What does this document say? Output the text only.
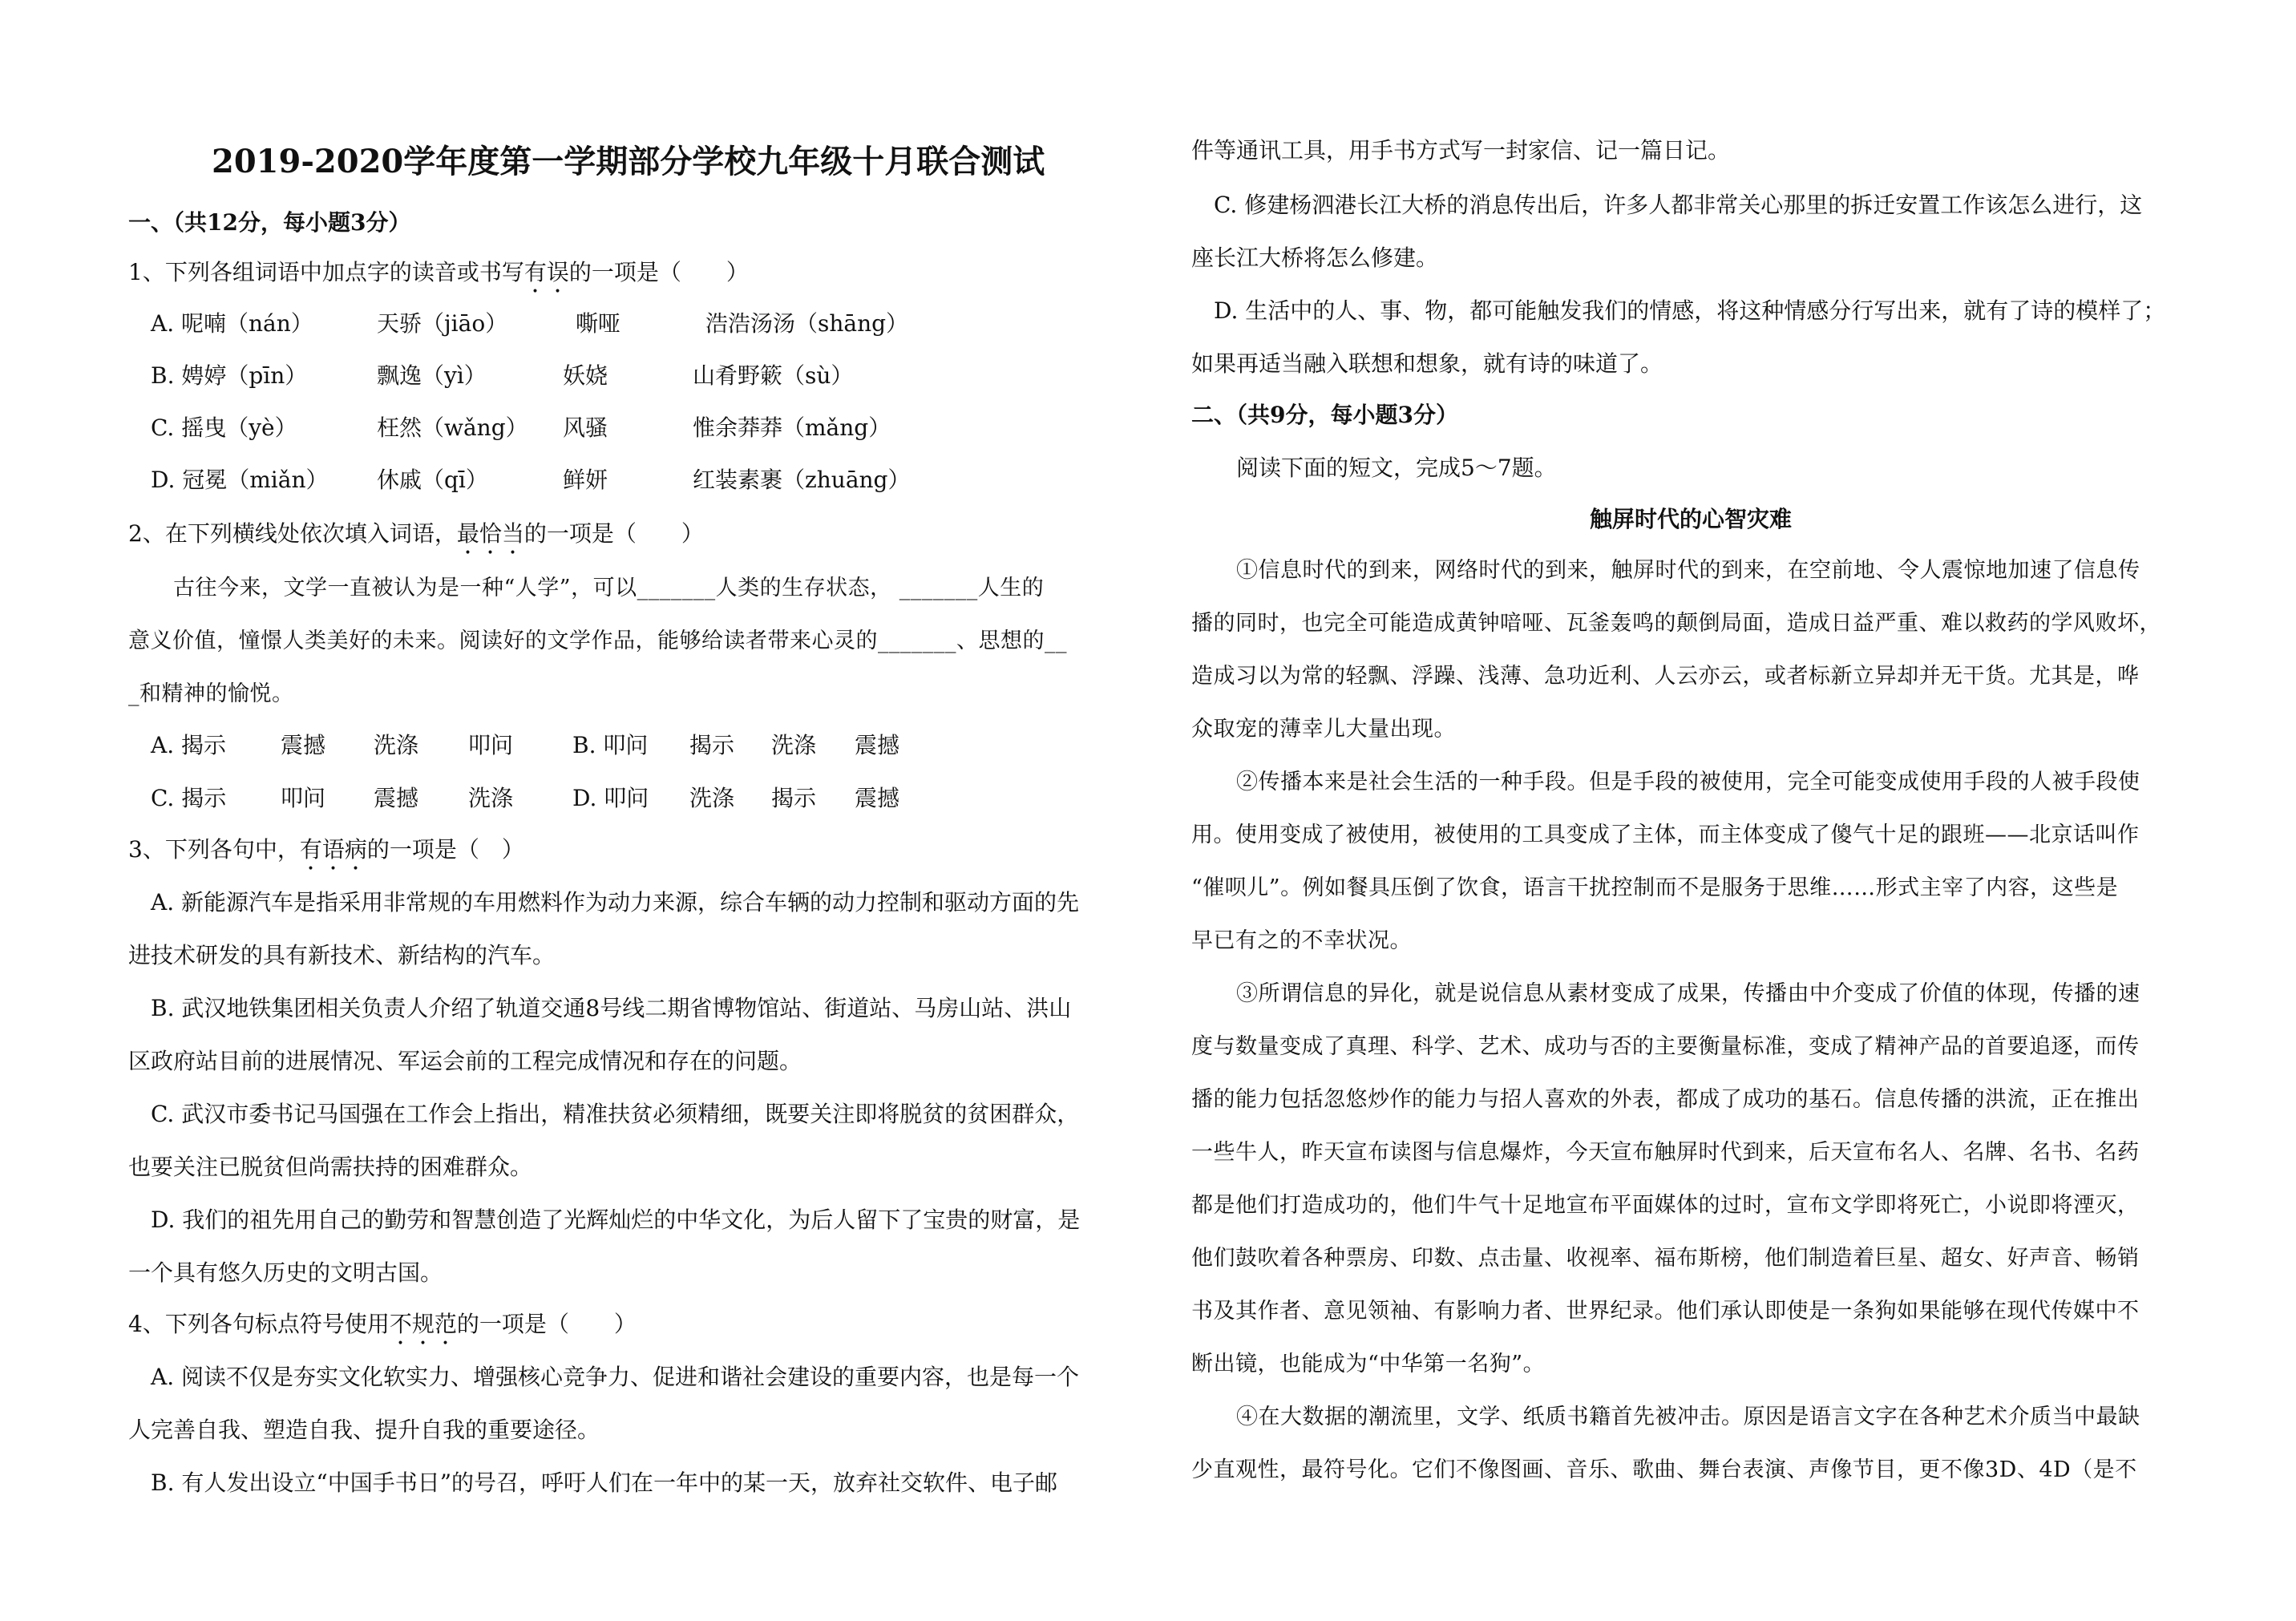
2019-2020学年度第一学期部分学校九年级十月联合测试
一、（共12分，每小题3分）
1、下列各组词语中加点字的读音或书写有误的一项是（　　）
A. 呢喃（nán）	天骄（jiāo）	嘶哑	浩浩汤汤（shāng）
B. 娉婷（pīn）	飘逸（yì）	妖娆	山肴野簌（sù）
C. 摇曳（yè）	枉然（wǎng） 风骚	惟余莽莽（mǎng）
D. 冠冕（miǎn） 休戚（qī）	鲜妍	红装素裹（zhuāng）
2、在下列横线处依次填入词语，最恰当的一项是（　　）
古往今来，文学一直被认为是一种“人学”，可以_______人类的生存状态， _______人生的
意义价值，憧憬人类美好的未来。阅读好的文学作品，能够给读者带来心灵的_______、思想的__
_和精神的愉悦。
A. 揭示 震撼 洗涤 叩问	B. 叩问 揭示 洗涤 震撼
C. 揭示 叩问 震撼 洗涤	D. 叩问 洗涤 揭示 震撼
3、下列各句中，有语病的一项是（　）
A. 新能源汽车是指采用非常规的车用燃料作为动力来源，综合车辆的动力控制和驱动方面的先
进技术研发的具有新技术、新结构的汽车。
B. 武汉地铁集团相关负责人介绍了轨道交通8号线二期省博物馆站、街道站、马房山站、洪山
区政府站目前的进展情况、军运会前的工程完成情况和存在的问题。
C. 武汉市委书记马国强在工作会上指出，精准扶贫必须精细，既要关注即将脱贫的贫困群众，
也要关注已脱贫但尚需扶持的困难群众。
D. 我们的祖先用自己的勤劳和智慧创造了光辉灿烂的中华文化，为后人留下了宝贵的财富，是
一个具有悠久历史的文明古国。
4、下列各句标点符号使用不规范的一项是（　　）
A. 阅读不仅是夯实文化软实力、增强核心竞争力、促进和谐社会建设的重要内容，也是每一个
人完善自我、塑造自我、提升自我的重要途径。
B. 有人发出设立“中国手书日”的号召，呼吁人们在一年中的某一天，放弃社交软件、电子邮
件等通讯工具，用手书方式写一封家信、记一篇日记。
C. 修建杨泗港长江大桥的消息传出后，许多人都非常关心那里的拆迁安置工作该怎么进行，这
座长江大桥将怎么修建。
D. 生活中的人、事、物，都可能触发我们的情感，将这种情感分行写出来，就有了诗的模样了；
如果再适当融入联想和想象，就有诗的味道了。
二、（共9分，每小题3分）
阅读下面的短文，完成5～7题。
触屏时代的心智灾难
①信息时代的到来，网络时代的到来，触屏时代的到来，在空前地、令人震惊地加速了信息传
播的同时，也完全可能造成黄钟喑哑、瓦釜轰鸣的颠倒局面，造成日益严重、难以救药的学风败坏，
造成习以为常的轻飘、浮躁、浅薄、急功近利、人云亦云，或者标新立异却并无干货。尤其是，哗
众取宠的薄幸儿大量出现。
②传播本来是社会生活的一种手段。但是手段的被使用，完全可能变成使用手段的人被手段使
用。使用变成了被使用，被使用的工具变成了主体，而主体变成了傻气十足的跟班——北京话叫作
“催呗儿”。例如餐具压倒了饮食，语言干扰控制而不是服务于思维……形式主宰了内容，这些是
早已有之的不幸状况。
③所谓信息的异化，就是说信息从素材变成了成果，传播由中介变成了价值的体现，传播的速
度与数量变成了真理、科学、艺术、成功与否的主要衡量标准，变成了精神产品的首要追逐，而传
播的能力包括忽悠炒作的能力与招人喜欢的外表，都成了成功的基石。信息传播的洪流，正在推出
一些牛人，昨天宣布读图与信息爆炸，今天宣布触屏时代到来，后天宣布名人、名牌、名书、名药
都是他们打造成功的，他们牛气十足地宣布平面媒体的过时，宣布文学即将死亡，小说即将湮灭，
他们鼓吹着各种票房、印数、点击量、收视率、福布斯榜，他们制造着巨星、超女、好声音、畅销
书及其作者、意见领袖、有影响力者、世界纪录。他们承认即使是一条狗如果能够在现代传媒中不
断出镜，也能成为“中华第一名狗”。
④在大数据的潮流里，文学、纸质书籍首先被冲击。原因是语言文字在各种艺术介质当中最缺
少直观性，最符号化。它们不像图画、音乐、歌曲、舞台表演、声像节目，更不像3D、4D（是不
